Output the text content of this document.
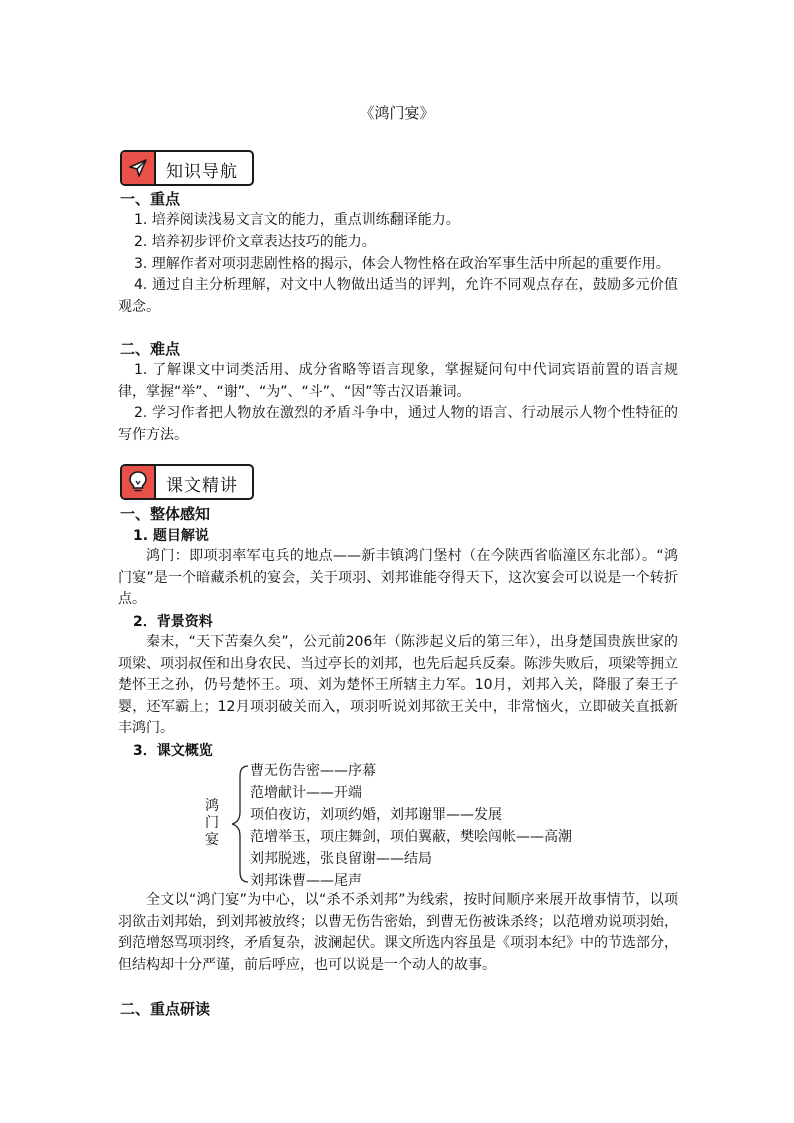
《鸿门宴》
知识导航
一、重点
1. 培养阅读浅易文言文的能力，重点训练翻译能力。
2. 培养初步评价文章表达技巧的能力。
3. 理解作者对项羽悲剧性格的揭示，体会人物性格在政治军事生活中所起的重要作用。
4. 通过自主分析理解，对文中人物做出适当的评判，允许不同观点存在，鼓励多元价值观念。
二、难点
1. 了解课文中词类活用、成分省略等语言现象，掌握疑问句中代词宾语前置的语言规律，掌握“举”、“谢”、“为”、“斗”、“因”等古汉语兼词。
2. 学习作者把人物放在激烈的矛盾斗争中，通过人物的语言、行动展示人物个性特征的写作方法。
课文精讲
一、整体感知
1. 题目解说
鸿门：即项羽率军屯兵的地点——新丰镇鸿门堡村（在今陕西省临潼区东北部）。“鸿门宴”是一个暗藏杀机的宴会，关于项羽、刘邦谁能夺得天下，这次宴会可以说是一个转折点。
2．背景资料
秦末，“天下苦秦久矣”，公元前206年（陈涉起义后的第三年），出身楚国贵族世家的项梁、项羽叔侄和出身农民、当过亭长的刘邦，也先后起兵反秦。陈涉失败后，项梁等拥立楚怀王之孙，仍号楚怀王。项、刘为楚怀王所辖主力军。10月，刘邦入关，降服了秦王子婴，还军霸上；12月项羽破关而入，项羽听说刘邦欲王关中，非常恼火，立即破关直抵新丰鸿门。
3．课文概览
鸿门宴
曹无伤告密——序幕
范增献计——开端
项伯夜访，刘项约婚，刘邦谢罪——发展
范增举玉，项庄舞剑，项伯翼蔽，樊哙闯帐——高潮
刘邦脱逃，张良留谢——结局
刘邦诛曹——尾声
全文以“鸿门宴”为中心，以“杀不杀刘邦”为线索，按时间顺序来展开故事情节，以项羽欲击刘邦始，到刘邦被放终；以曹无伤告密始，到曹无伤被诛杀终；以范增劝说项羽始，到范增怒骂项羽终，矛盾复杂，波澜起伏。课文所选内容虽是《项羽本纪》中的节选部分，但结构却十分严谨，前后呼应，也可以说是一个动人的故事。
二、重点研读
